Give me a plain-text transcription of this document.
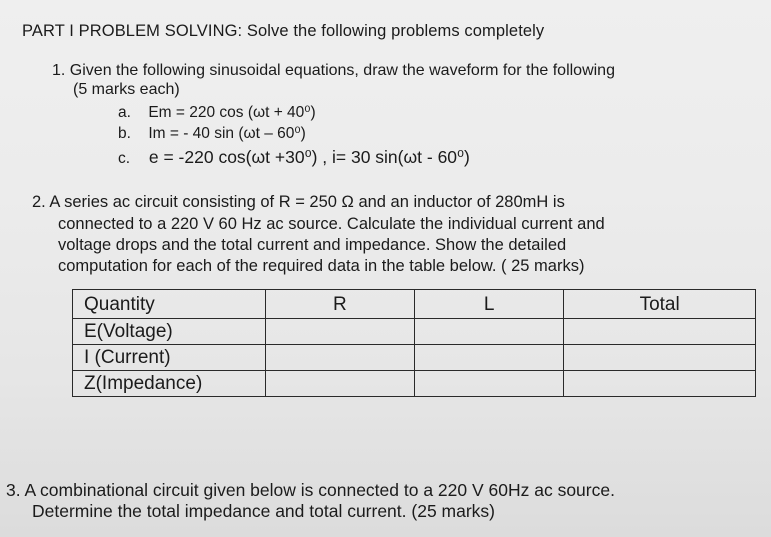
PART I PROBLEM SOLVING: Solve the following problems completely
1. Given the following sinusoidal equations, draw the waveform for the following
(5 marks each)
a. Em = 220 cos (ωt + 40⁰)
b. Im = - 40 sin (ωt – 60⁰)
c. e = -220 cos(ωt +30⁰) , i= 30 sin(ωt - 60⁰)
2. A series ac circuit consisting of R = 250 Ω and an inductor of 280mH is
connected to a 220 V 60 Hz ac source. Calculate the individual current and
voltage drops and the total current and impedance. Show the detailed
computation for each of the required data in the table below. ( 25 marks)
Quantity	R	L	Total
E(Voltage)			
I (Current)			
Z(Impedance)			
3. A combinational circuit given below is connected to a 220 V 60Hz ac source.
Determine the total impedance and total current. (25 marks)
